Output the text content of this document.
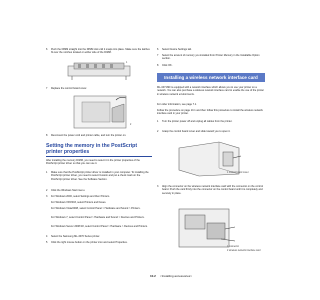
6 Push the DIMM straight into the DIMM slot until it snaps into place. Make sure the latches fit over the notches located on either side of the DIMM.
1
7 Replace the control board cover.
2
8 Reconnect the power cord and printer cable, and turn the printer on.
Setting the memory in the PostScript printer properties
After installing the memory DIMM, you need to select it in the printer properties of the PostScript printer driver so that you can use it.
1 Make sure that the PostScript printer driver is installed in your computer. To installing the PostScript printer driver, you need to select Custom and put a check mark on the PostScript printer driver. See the Software Section.
2 Click the Windows Start menu.
3 For Windows 2000, select Settings and then Printers.
For Windows XP/2003, select Printers and Faxes.
For Windows Vista/2008, select Control Panel > Hardware and Sound > Printers.
For Windows 7, select Control Panel > Hardware and Sound > Devices and Printers.
For Windows Server 2008 R2, select Control Panel > Hardware > Devices and Printers.
4 Select the Samsung ML-3470 Series printer.
5 Click the right mouse button on the printer icon and select Properties.
6 Select Device Settings tab.
7 Select the amount of memory you installed from Printer Memory in the Installable Option section.
8 Click OK.
Installing a wireless network interface card
ML-3471ND is equipped with a network interface which allows you to use your printer on a network. You can also purchase a wireless network interface card to enable the use of the printer in wireless network environments.
For order information, see page 7.1.
Follow the procedure on page 10.1 and then follow this procedure to install the wireless network interface card in your printer.
1 Turn the printer power off and unplug all cables from the printer.
2 Grasp the control board cover and slide toward you to open it.
1 control board cover
3 Align the connector on the wireless network interface card with the connector on the control board. Push the card firmly into the connector on the control board until it is completely and securely in place.
1 connector
2 wireless network interface card
10.2 <Installing accessories>
